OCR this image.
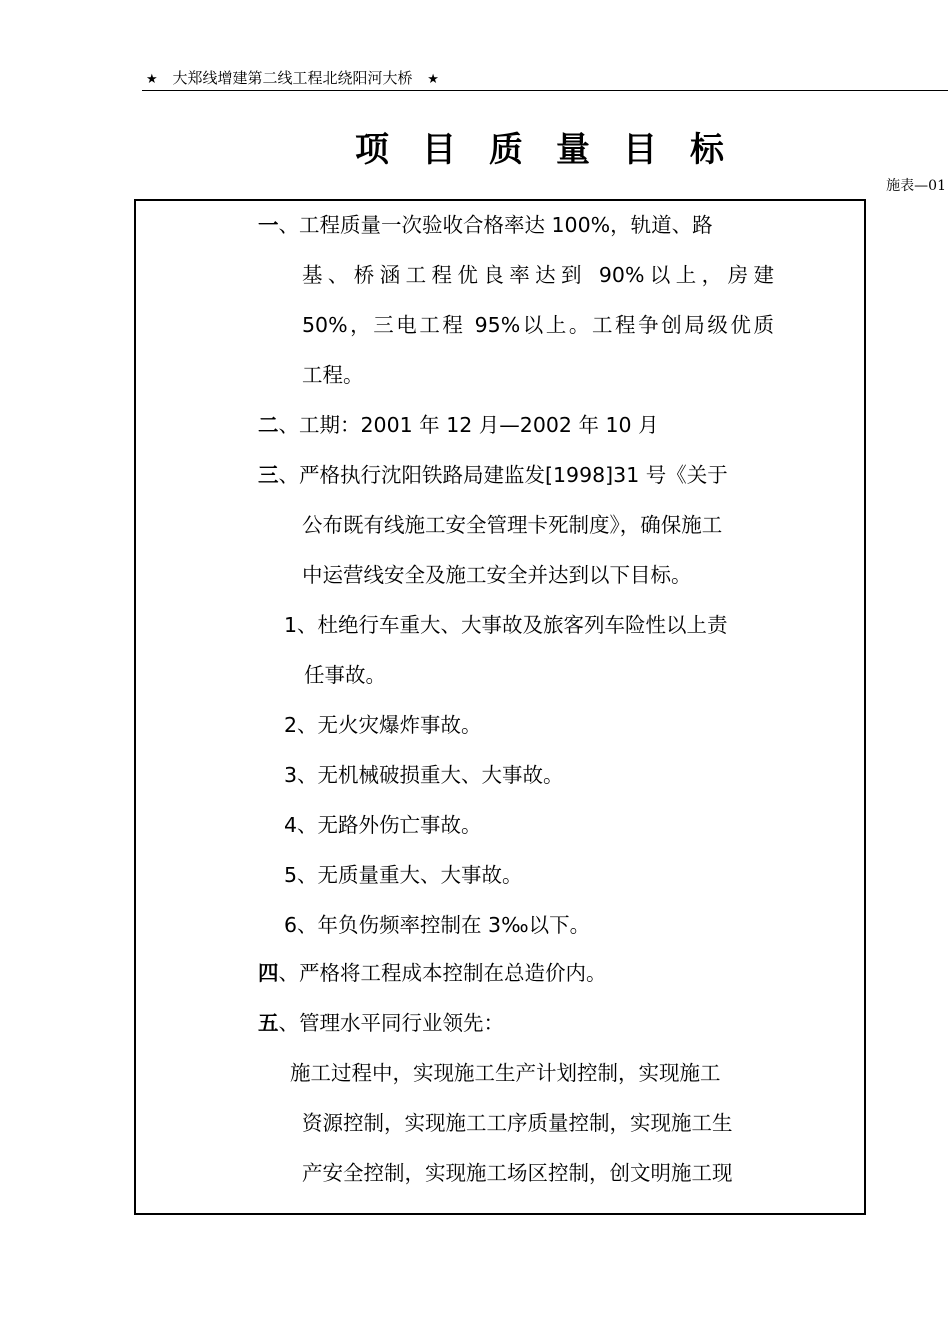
★ 大郑线增建第二线工程北绕阳河大桥 ★
项目质量目标
施表—01
一、工程质量一次验收合格率达 100%，轨道、路
基、桥涵工程优良率达到 90%以上，房建
50%，三电工程 95%以上。工程争创局级优质
工程。
二、工期：2001 年 12 月—2002 年 10 月
三、严格执行沈阳铁路局建监发[1998]31 号《关于
公布既有线施工安全管理卡死制度》，确保施工
中运营线安全及施工安全并达到以下目标。
1、杜绝行车重大、大事故及旅客列车险性以上责
任事故。
2、无火灾爆炸事故。
3、无机械破损重大、大事故。
4、无路外伤亡事故。
5、无质量重大、大事故。
6、年负伤频率控制在 3‰以下。
四、严格将工程成本控制在总造价内。
五、管理水平同行业领先：
施工过程中，实现施工生产计划控制，实现施工
资源控制，实现施工工序质量控制，实现施工生
产安全控制，实现施工场区控制，创文明施工现
